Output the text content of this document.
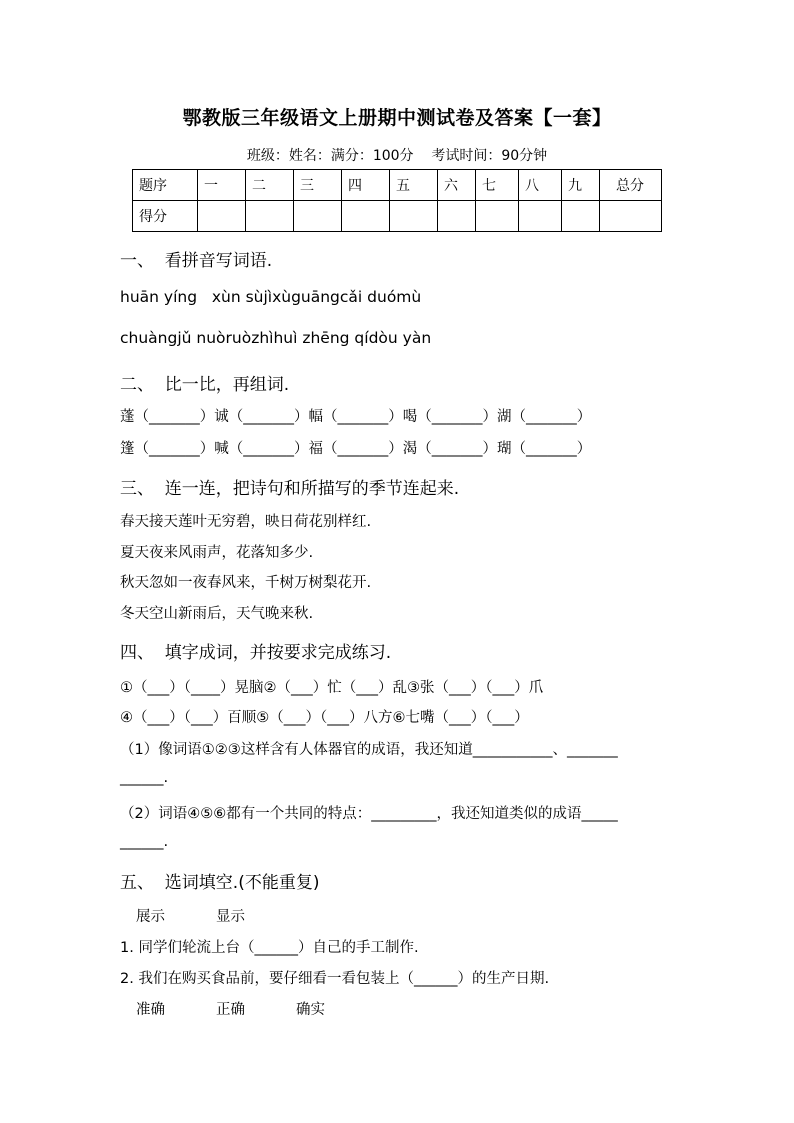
鄂教版三年级语文上册期中测试卷及答案【一套】
班级：姓名：满分：100分    考试时间：90分钟
题序	一	二	三	四	五	六	七	八	九	总分
得分										
一、  看拼音写词语.
huān yíng   xùn sùjìxùguāngcǎi duómù
chuàngjǔ nuòruòzhìhuì zhēng qídòu yàn
二、  比一比，再组词.
蓬（_______）诚（_______）幅（_______）喝（_______）湖（_______）
篷（_______）喊（_______）福（_______）渴（_______）瑚（_______）
三、  连一连，把诗句和所描写的季节连起来.
春天接天莲叶无穷碧，映日荷花别样红.
夏天夜来风雨声，花落知多少.
秋天忽如一夜春风来，千树万树梨花开.
冬天空山新雨后，天气晚来秋.
四、  填字成词，并按要求完成练习.
①（___）（____）晃脑②（___）忙（___）乱③张（___）（___）爪
④（___）（___）百顺⑤（___）（___）八方⑥七嘴（___）（___）
（1）像词语①②③这样含有人体器官的成语，我还知道___________、_______
______.
（2）词语④⑤⑥都有一个共同的特点：_________，我还知道类似的成语_____
______.
五、  选词填空.(不能重复)
展示	显示
1. 同学们轮流上台（______）自己的手工制作.
2. 我们在购买食品前，要仔细看一看包装上（______）的生产日期.
准确	正确	确实
